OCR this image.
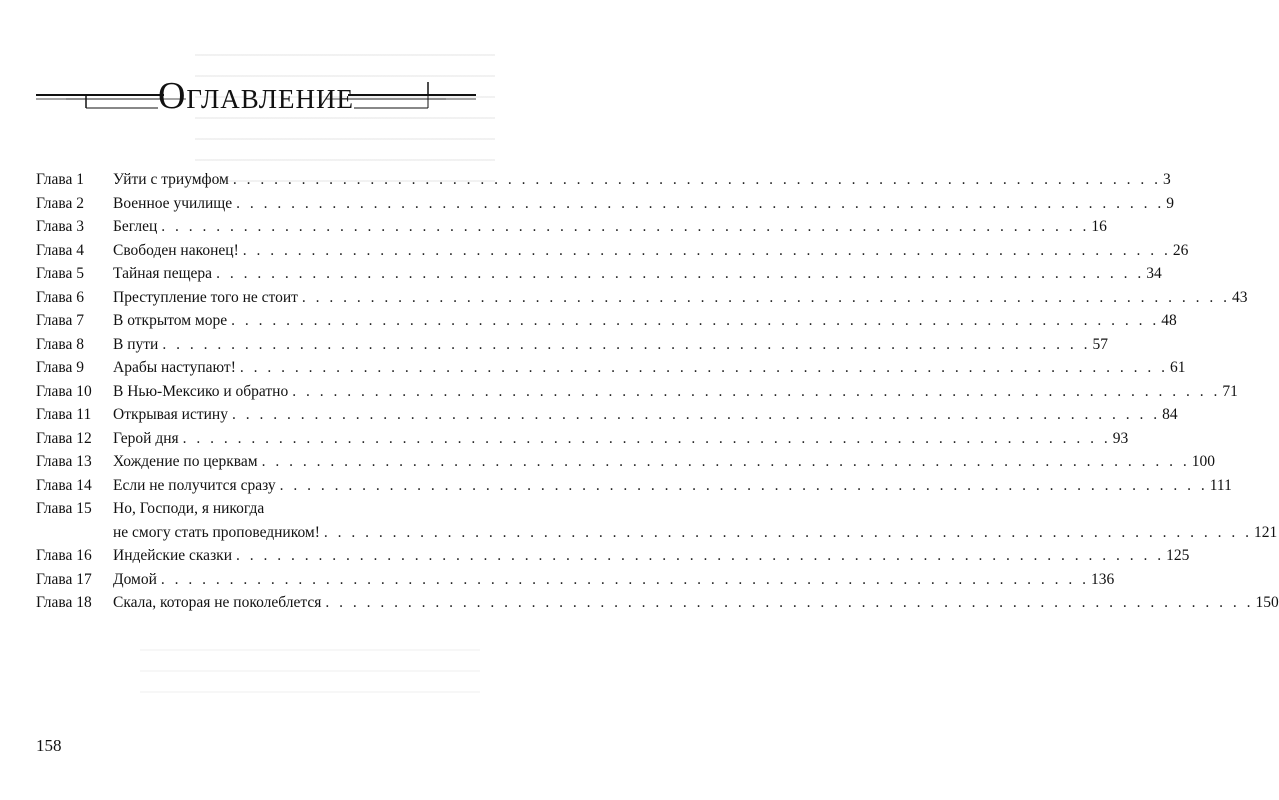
Оглавление
Глава 1	Уйти с триумфом . . .	3
Глава 2	Военное училище . . .	9
Глава 3	Беглец . . .	16
Глава 4	Свободен наконец! . . .	26
Глава 5	Тайная пещера . . .	34
Глава 6	Преступление того не стоит . . .	43
Глава 7	В открытом море . . .	48
Глава 8	В пути . . .	57
Глава 9	Арабы наступают! . . .	61
Глава 10	В Нью-Мексико и обратно . . .	71
Глава 11	Открывая истину . . .	84
Глава 12	Герой дня . . .	93
Глава 13	Хождение по церквам . . .	100
Глава 14	Если не получится сразу . . .	111
Глава 15	Но, Господи, я никогда
не смогу стать проповедником! . . .	121
Глава 16	Индейские сказки . . .	125
Глава 17	Домой . . .	136
Глава 18	Скала, которая не поколеблется . . .	150
158
